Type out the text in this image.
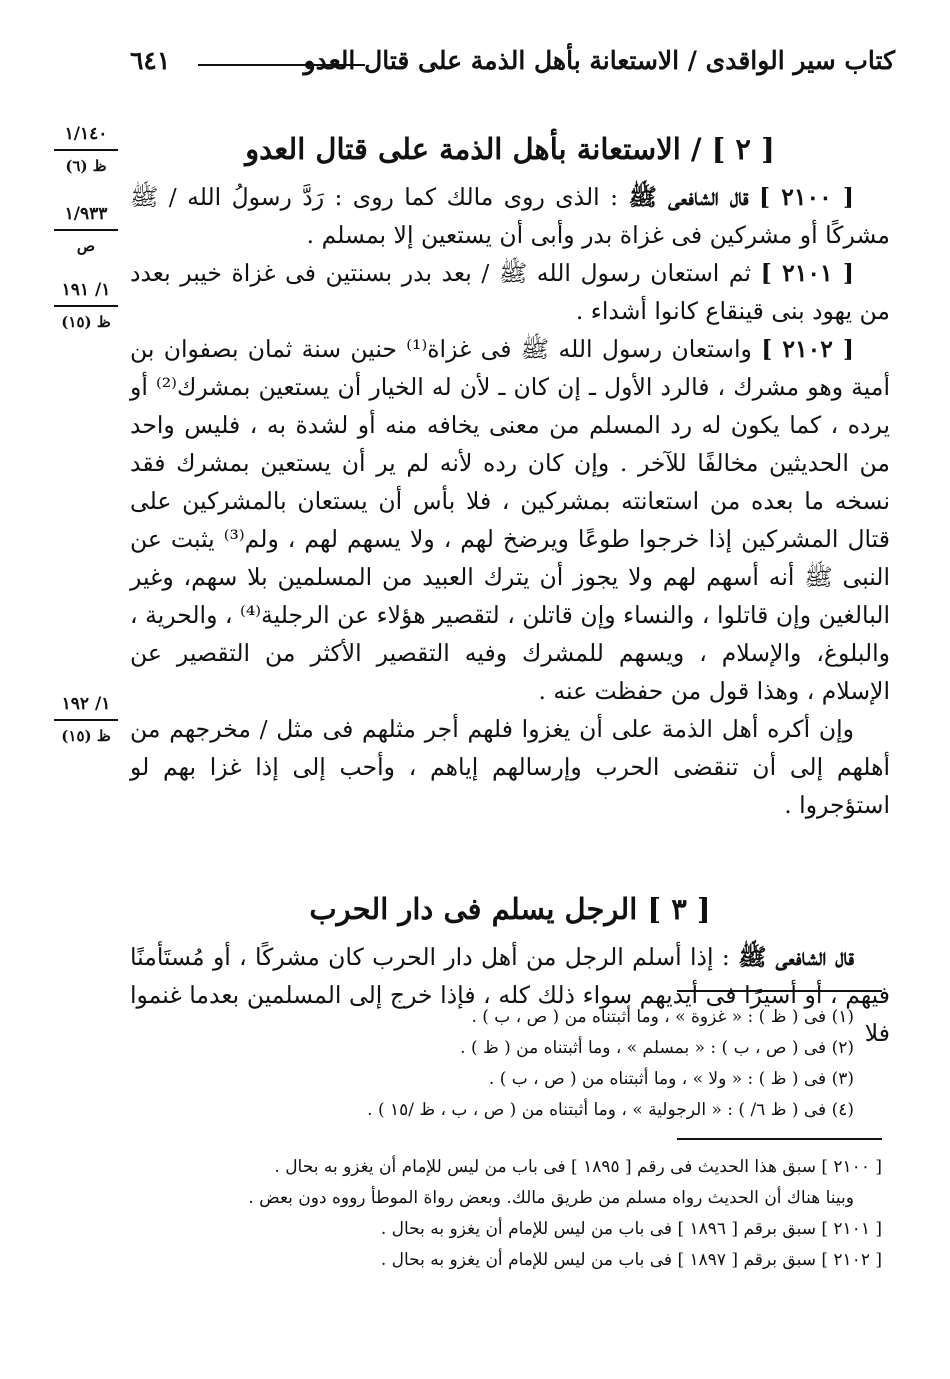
كتاب سير الواقدى / الاستعانة بأهل الذمة على قتال العدو
٦٤١
١/١٤٠
ظ (٦)
١/٩٣٣
ص
١/ ١٩١
ظ (١٥)
١/ ١٩٢
ظ (١٥)
[ ٢ ] / الاستعانة بأهل الذمة على قتال العدو

[ ٢١٠٠ ] قال الشافعى ﷺ : الذى روى مالك كما روى : رَدَّ رسولُ الله / ﷺ مشركًا أو مشركين فى غزاة بدر وأبى أن يستعين إلا بمسلم .

[ ٢١٠١ ] ثم استعان رسول الله ﷺ / بعد بدر بسنتين فى غزاة خيبر بعدد من يهود بنى قينقاع كانوا أشداء .

[ ٢١٠٢ ] واستعان رسول الله ﷺ فى غزاة⁽¹⁾ حنين سنة ثمان بصفوان بن أمية وهو مشرك ، فالرد الأول ـ إن كان ـ لأن له الخيار أن يستعين بمشرك⁽²⁾ أو يرده ، كما يكون له رد المسلم من معنى يخافه منه أو لشدة به ، فليس واحد من الحديثين مخالفًا للآخر . وإن كان رده لأنه لم ير أن يستعين بمشرك فقد نسخه ما بعده من استعانته بمشركين ، فلا بأس أن يستعان بالمشركين على قتال المشركين إذا خرجوا طوعًا ويرضخ لهم ، ولا يسهم لهم ، ولم⁽³⁾ يثبت عن النبى ﷺ أنه أسهم لهم ولا يجوز أن يترك العبيد من المسلمين بلا سهم، وغير البالغين وإن قاتلوا ، والنساء وإن قاتلن ، لتقصير هؤلاء عن الرجلية⁽⁴⁾ ، والحرية ، والبلوغ، والإسلام ، ويسهم للمشرك وفيه التقصير الأكثر من التقصير عن الإسلام ، وهذا قول من حفظت عنه .

وإن أكره أهل الذمة على أن يغزوا فلهم أجر مثلهم فى مثل / مخرجهم من أهلهم إلى أن تنقضى الحرب وإرسالهم إياهم ، وأحب إلى إذا غزا بهم لو استؤجروا .

[ ٣ ] الرجل يسلم فى دار الحرب

قال الشافعى ﷺ : إذا أسلم الرجل من أهل دار الحرب كان مشركًا ، أو مُستَأمنًا فيهم ، أو أسيرًا فى أيديهم سواء ذلك كله ، فإذا خرج إلى المسلمين بعدما غنموا فلا

(١) فى ( ظ ) : « غزوة » ، وما أثبتناه من ( ص ، ب ) .

(٢) فى ( ص ، ب ) : « بمسلم » ، وما أثبتناه من ( ظ ) .

(٣) فى ( ظ ) : « ولا » ، وما أثبتناه من ( ص ، ب ) .

(٤) فى ( ظ ٦/ ) : « الرجولية » ، وما أثبتناه من ( ص ، ب ، ظ /١٥ ) .

[ ٢١٠٠ ] سبق هذا الحديث فى رقم [ ١٨٩٥ ] فى باب من ليس للإمام أن يغزو به بحال .

وبينا هناك أن الحديث رواه مسلم من طريق مالك. وبعض رواة الموطأ رووه دون بعض .

[ ٢١٠١ ] سبق برقم [ ١٨٩٦ ] فى باب من ليس للإمام أن يغزو به بحال .

[ ٢١٠٢ ] سبق برقم [ ١٨٩٧ ] فى باب من ليس للإمام أن يغزو به بحال .
